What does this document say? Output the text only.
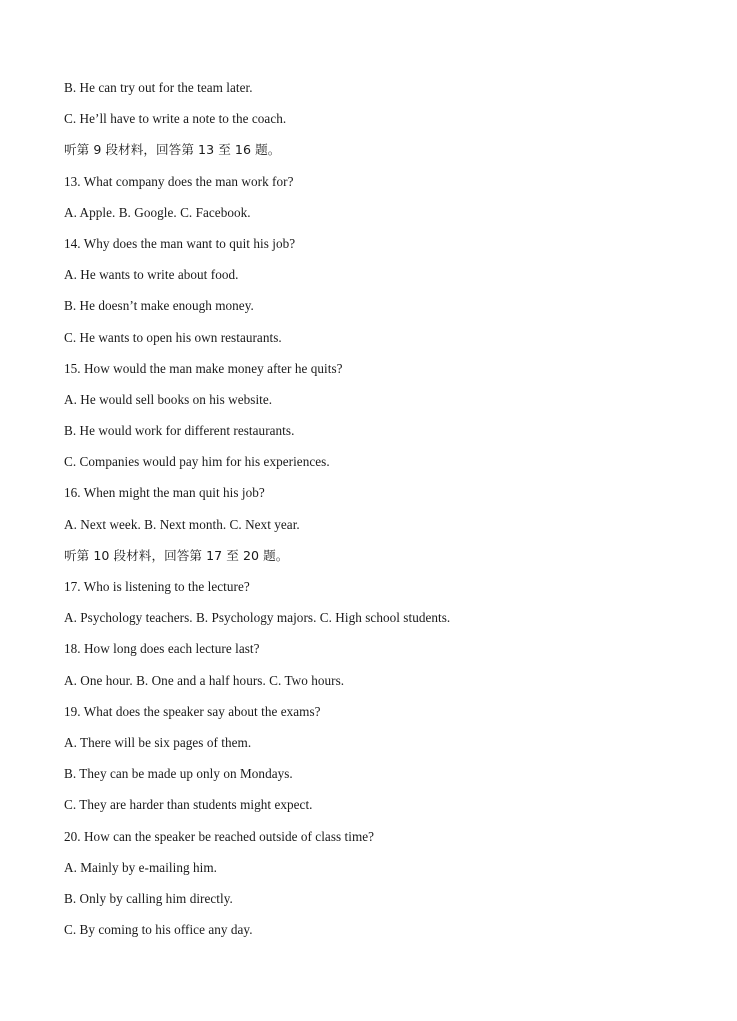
B. He can try out for the team later.
C. He’ll have to write a note to the coach.
听第 9 段材料，回答第 13 至 16 题。
13. What company does the man work for?
A. Apple. B. Google. C. Facebook.
14. Why does the man want to quit his job?
A. He wants to write about food.
B. He doesn’t make enough money.
C. He wants to open his own restaurants.
15. How would the man make money after he quits?
A. He would sell books on his website.
B. He would work for different restaurants.
C. Companies would pay him for his experiences.
16. When might the man quit his job?
A. Next week. B. Next month. C. Next year.
听第 10 段材料，回答第 17 至 20 题。
17. Who is listening to the lecture?
A. Psychology teachers. B. Psychology majors. C. High school students.
18. How long does each lecture last?
A. One hour. B. One and a half hours. C. Two hours.
19. What does the speaker say about the exams?
A. There will be six pages of them.
B. They can be made up only on Mondays.
C. They are harder than students might expect.
20. How can the speaker be reached outside of class time?
A. Mainly by e-mailing him.
B. Only by calling him directly.
C. By coming to his office any day.
